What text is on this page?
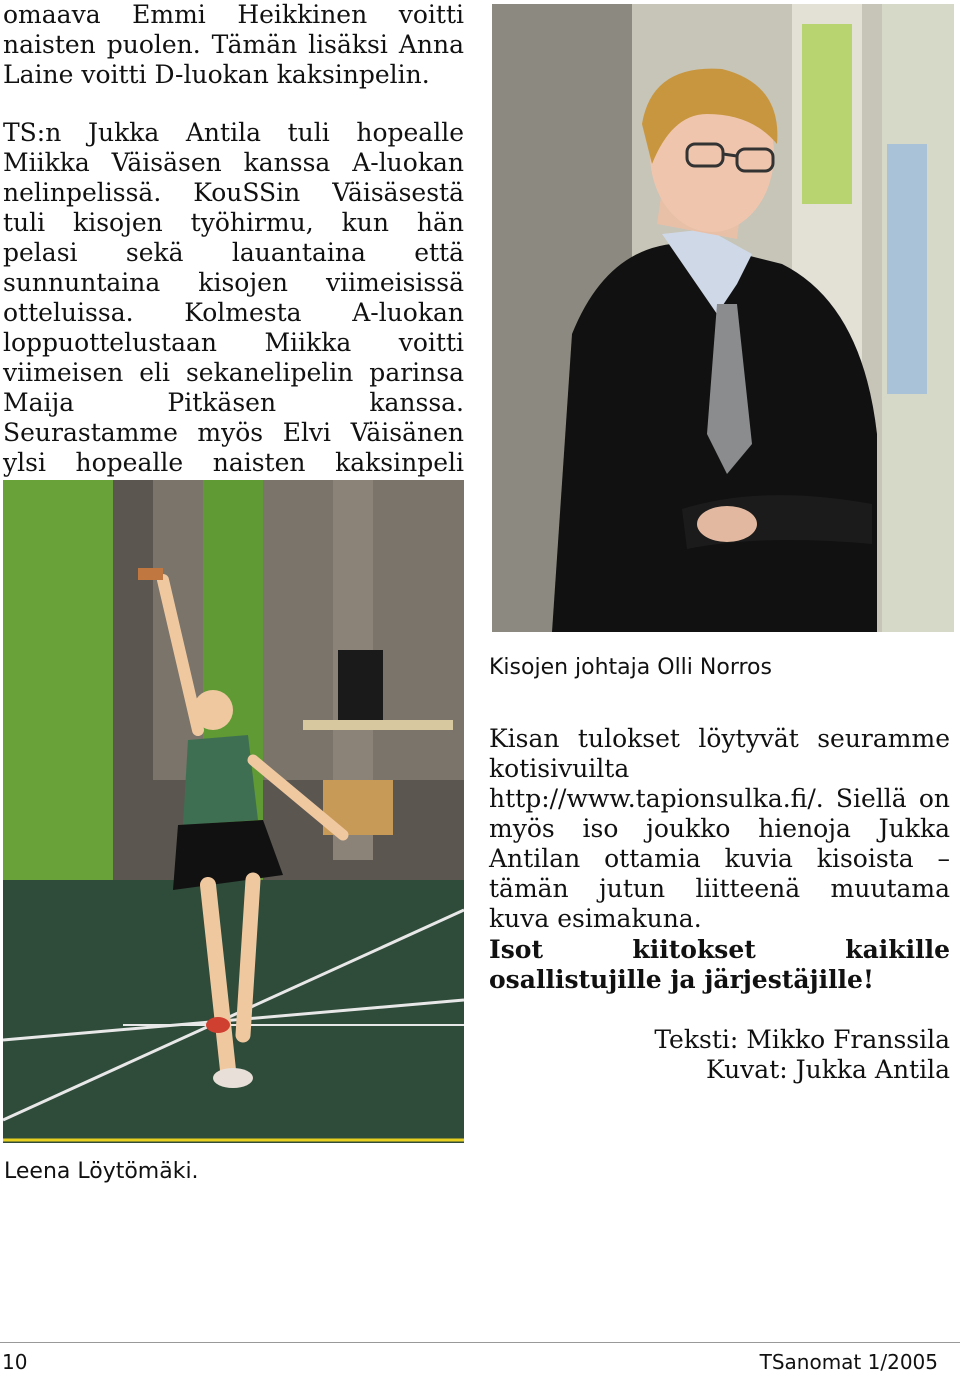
omaava Emmi Heikkinen voitti naisten puolen. Tämän lisäksi Anna Laine voitti D-luokan kaksinpelin.

TS:n Jukka Antila tuli hopealle Miikka Väisäsen kanssa A-luokan nelinpelissä. KouSSin Väisäsestä tuli kisojen työhirmu, kun hän pelasi sekä lauantaina että sunnuntaina kisojen viimeisissä otteluissa. Kolmesta A-luokan loppuottelustaan Miikka voitti viimeisen eli sekanelipelin parinsa Maija Pitkäsen kanssa. Seurastamme myös Elvi Väisänen ylsi hopealle naisten kaksinpeli

Leena Löytömäki.

Kisojen johtaja Olli Norros

Kisan tulokset löytyvät seuramme kotisivuilta http://www.tapionsulka.fi/. Siellä on myös iso joukko hienoja Jukka Antilan ottamia kuvia kisoista – tämän jutun liitteenä muutama kuva esimakuna.

Isot kiitokset kaikille osallistujille ja järjestäjille!

Teksti: Mikko Franssila
Kuvat: Jukka Antila
10	TSanomat 1/2005
